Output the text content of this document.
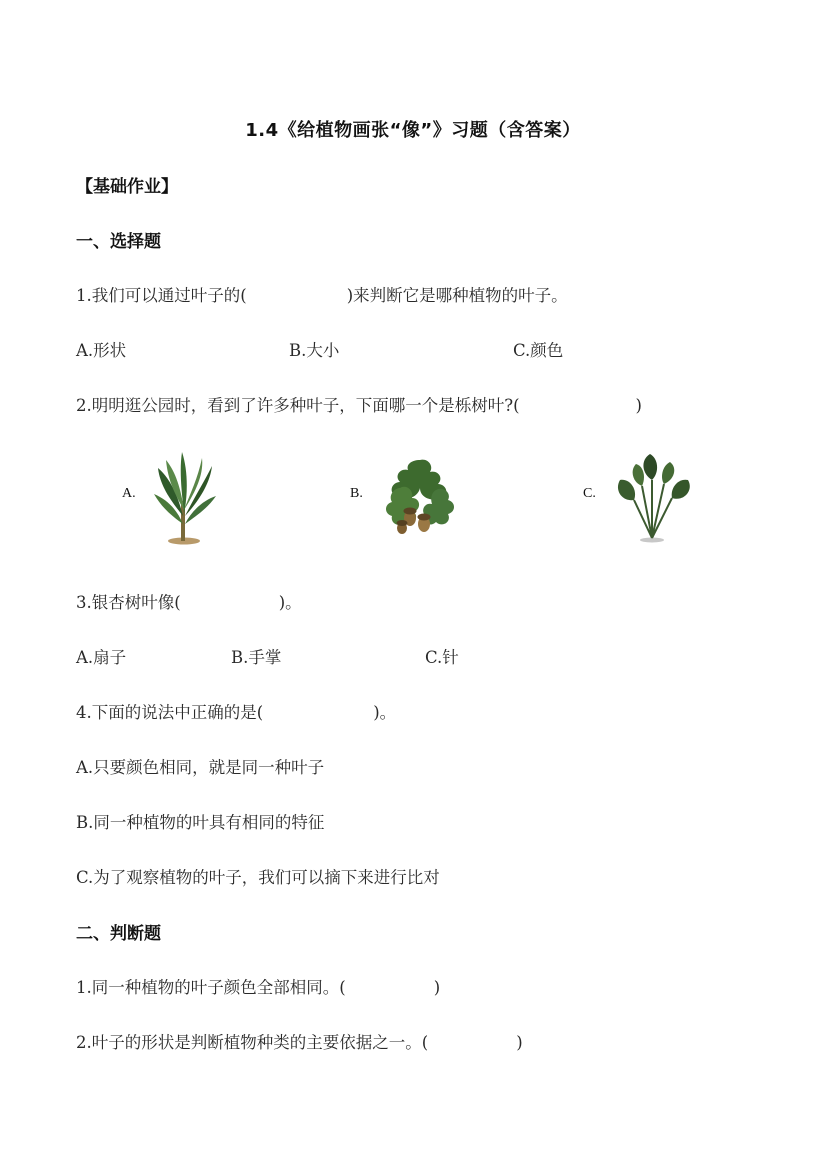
1.4《给植物画张“像”》习题（含答案）
【基础作业】
一、选择题
1.我们可以通过叶子的(	)来判断它是哪种植物的叶子。
A.形状	B.大小	C.颜色
2.明明逛公园时，看到了许多种叶子，下面哪一个是栎树叶?(	)
A.	B.	C.
3.银杏树叶像(	)。
A.扇子	B.手掌	C.针
4.下面的说法中正确的是(	)。
A.只要颜色相同，就是同一种叶子
B.同一种植物的叶具有相同的特征
C.为了观察植物的叶子，我们可以摘下来进行比对
二、判断题
1.同一种植物的叶子颜色全部相同。(	)
2.叶子的形状是判断植物种类的主要依据之一。(	)
